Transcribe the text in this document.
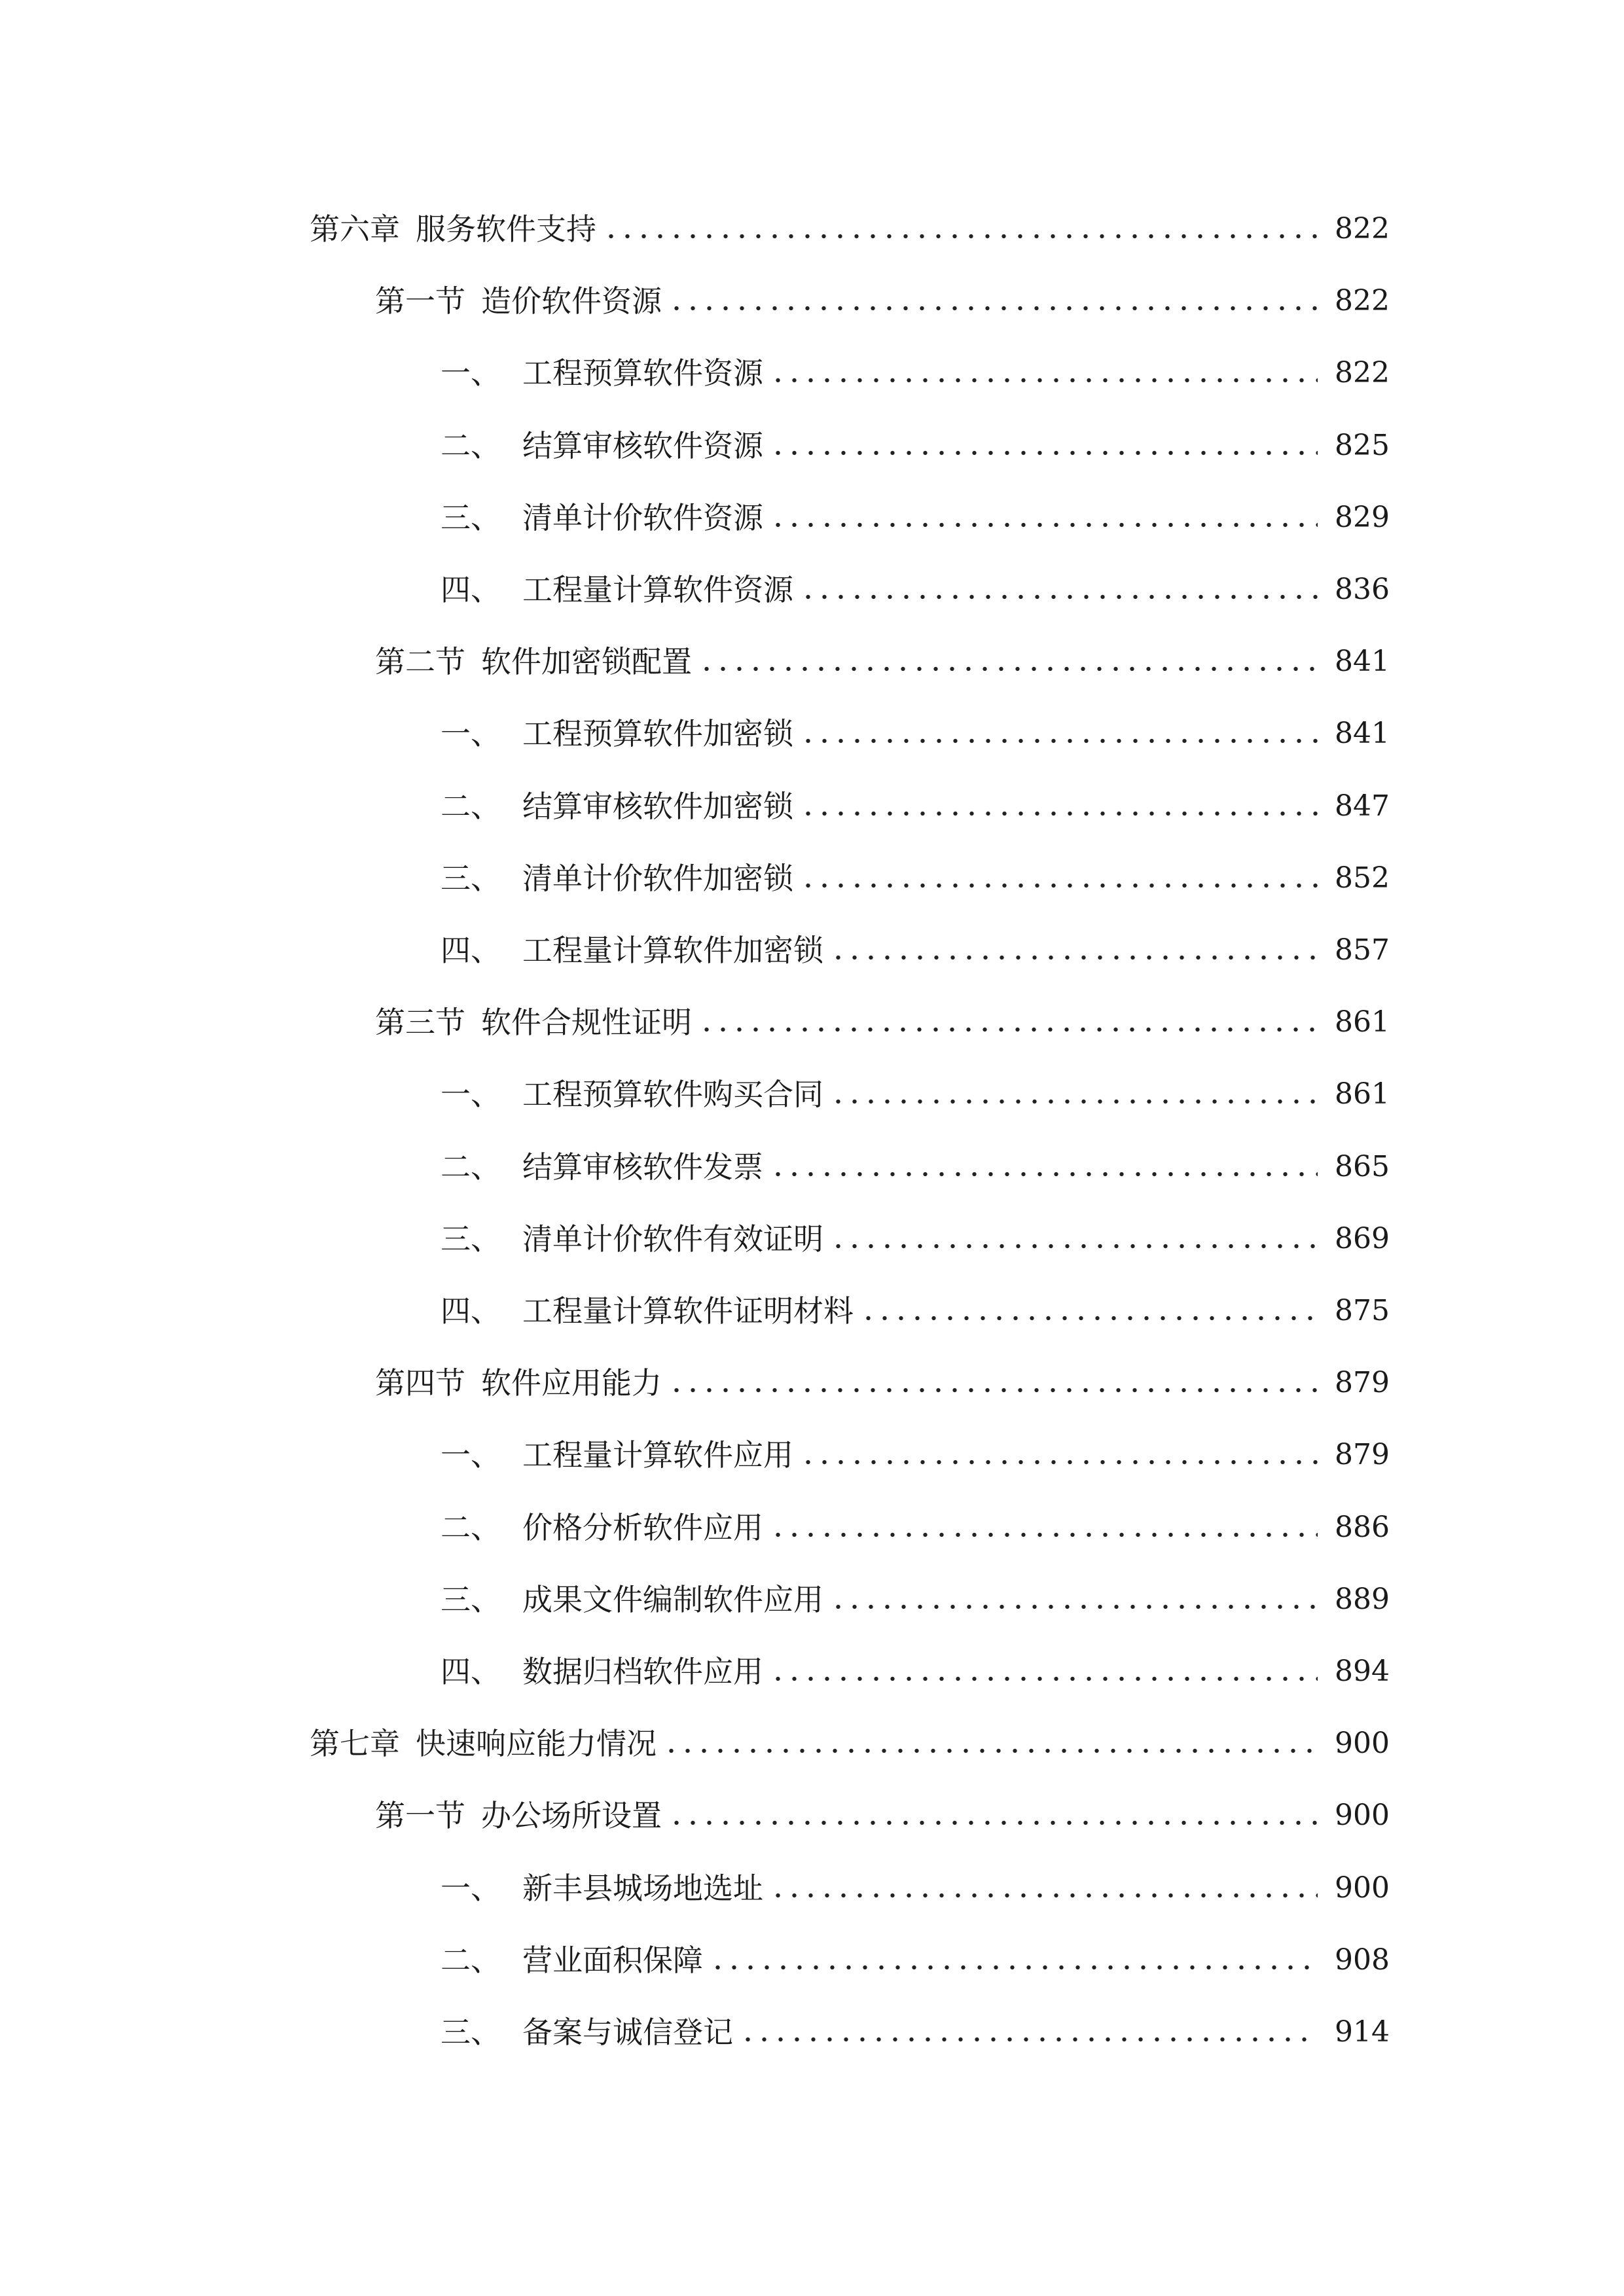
第六章 服务软件支持	822
第一节 造价软件资源	822
一、 工程预算软件资源	822
二、 结算审核软件资源	825
三、 清单计价软件资源	829
四、 工程量计算软件资源	836
第二节 软件加密锁配置	841
一、 工程预算软件加密锁	841
二、 结算审核软件加密锁	847
三、 清单计价软件加密锁	852
四、 工程量计算软件加密锁	857
第三节 软件合规性证明	861
一、 工程预算软件购买合同	861
二、 结算审核软件发票	865
三、 清单计价软件有效证明	869
四、 工程量计算软件证明材料	875
第四节 软件应用能力	879
一、 工程量计算软件应用	879
二、 价格分析软件应用	886
三、 成果文件编制软件应用	889
四、 数据归档软件应用	894
第七章 快速响应能力情况	900
第一节 办公场所设置	900
一、 新丰县城场地选址	900
二、 营业面积保障	908
三、 备案与诚信登记	914
